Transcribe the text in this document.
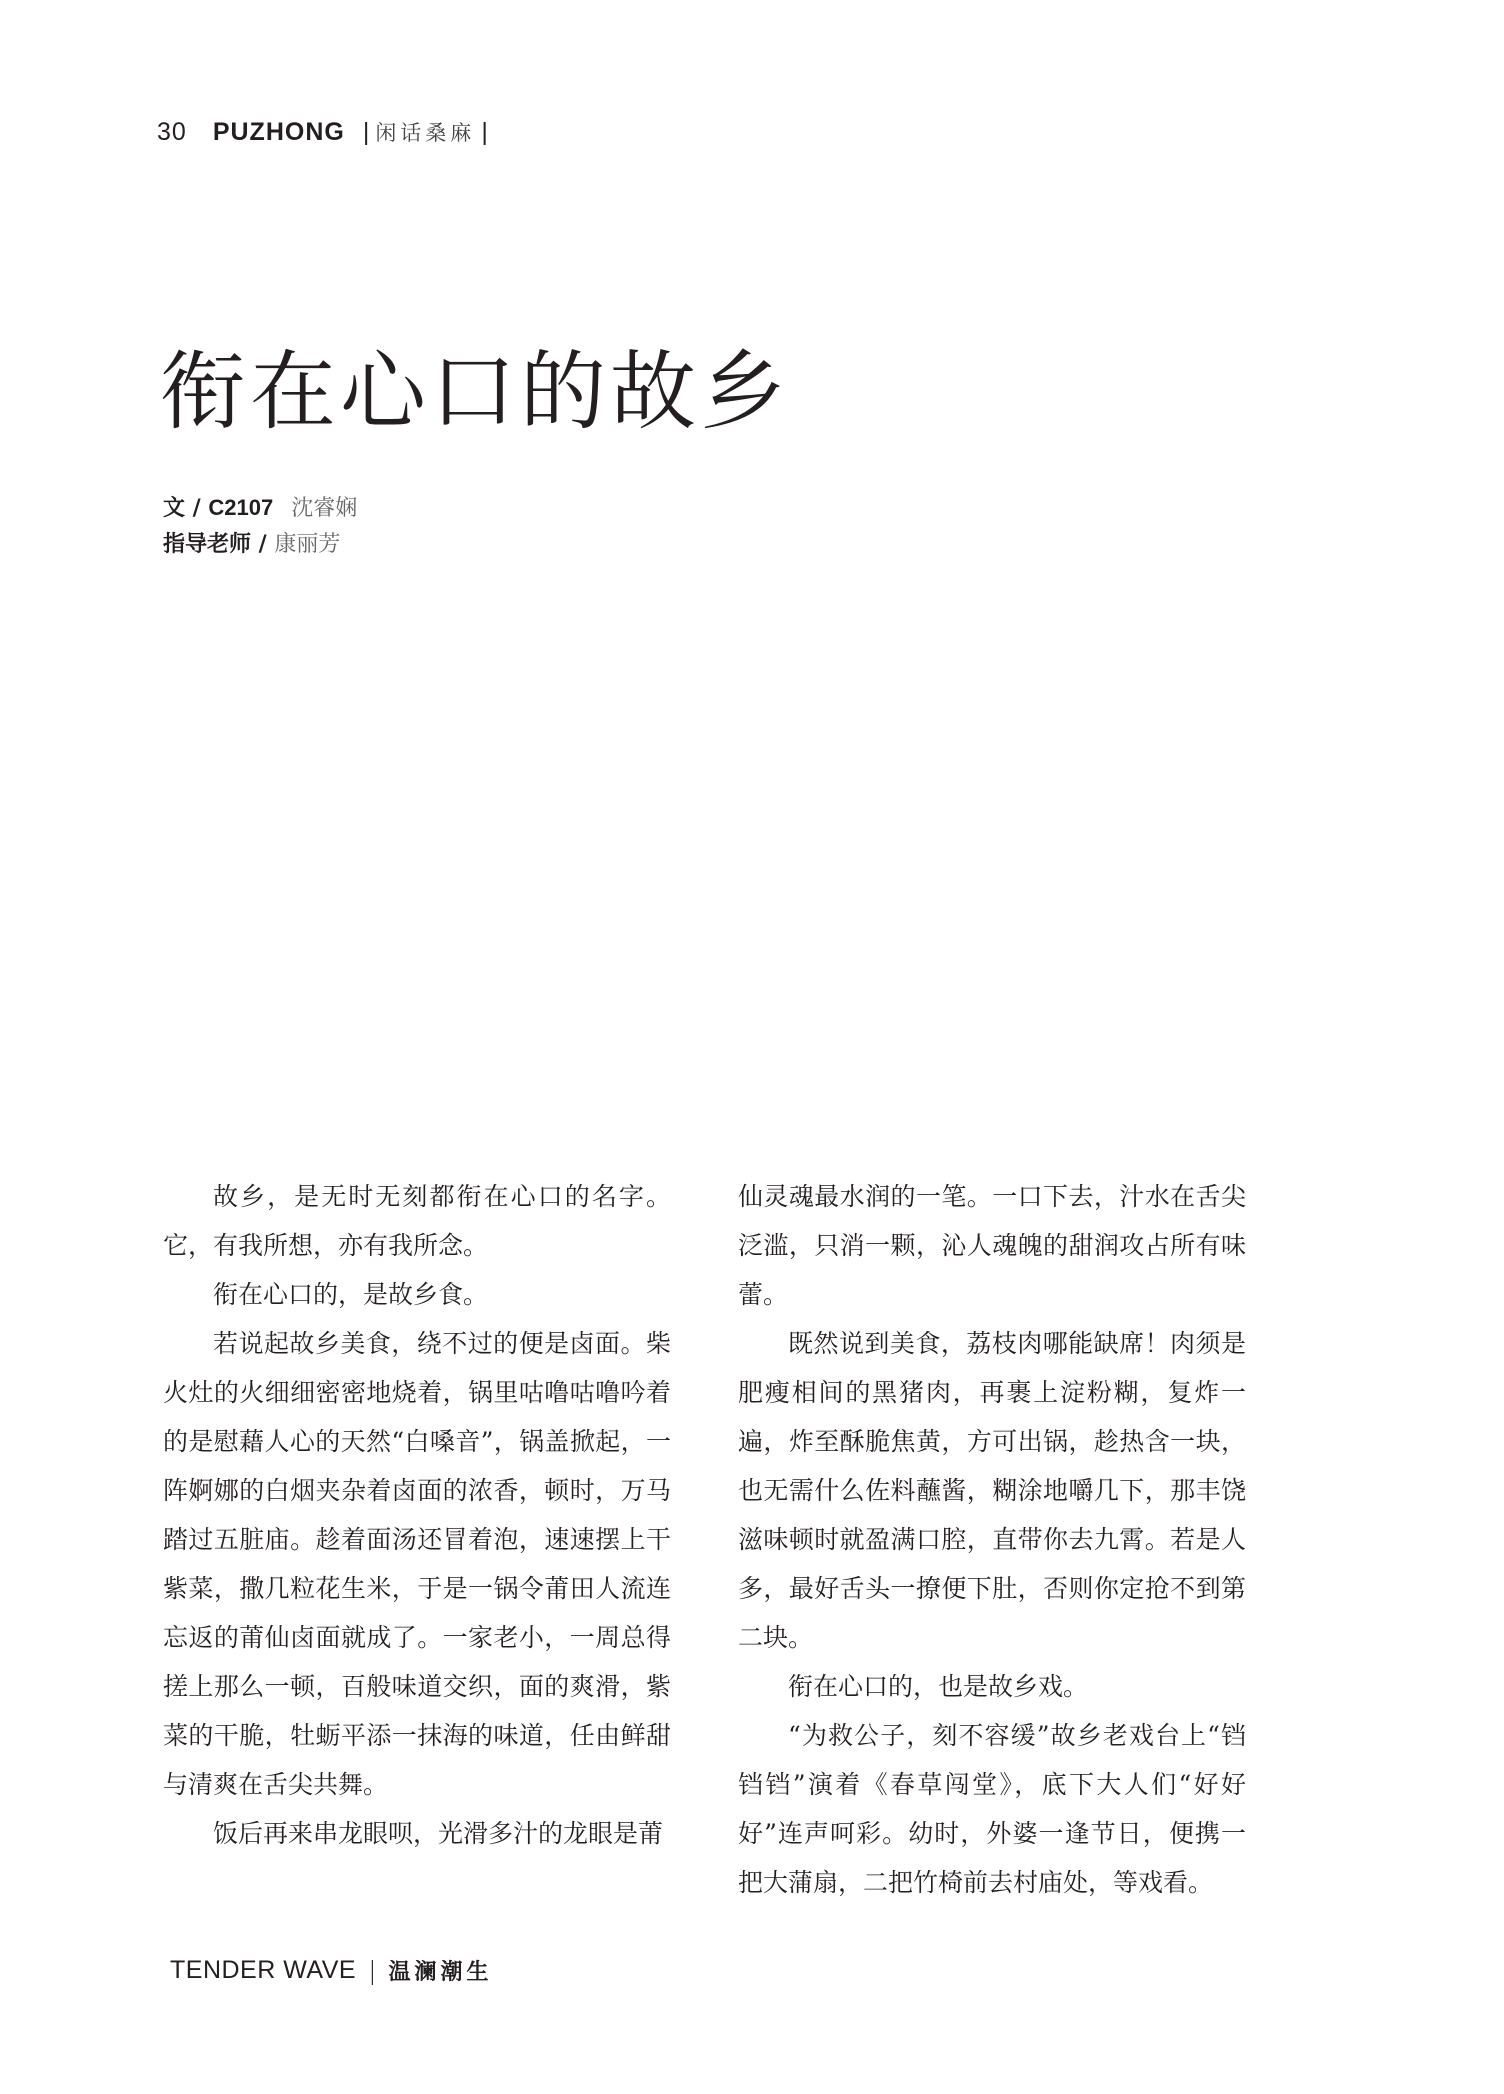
30 PUZHONG | 闲话桑麻 |
衔在心口的故乡
文 / C2107 沈睿娴
指导老师 / 康丽芳

故乡，是无时无刻都衔在心口的名字。它，有我所想，亦有我所念。

衔在心口的，是故乡食。

若说起故乡美食，绕不过的便是卤面。柴火灶的火细细密密地烧着，锅里咕噜咕噜吟着的是慰藉人心的天然“白嗓音”，锅盖掀起，一阵婀娜的白烟夹杂着卤面的浓香，顿时，万马踏过五脏庙。趁着面汤还冒着泡，速速摆上干紫菜，撒几粒花生米，于是一锅令莆田人流连忘返的莆仙卤面就成了。一家老小，一周总得搓上那么一顿，百般味道交织，面的爽滑，紫菜的干脆，牡蛎平添一抹海的味道，任由鲜甜与清爽在舌尖共舞。

饭后再来串龙眼呗，光滑多汁的龙眼是莆

仙灵魂最水润的一笔。一口下去，汁水在舌尖泛滥，只消一颗，沁人魂魄的甜润攻占所有味蕾。

既然说到美食，荔枝肉哪能缺席！肉须是肥瘦相间的黑猪肉，再裹上淀粉糊，复炸一遍，炸至酥脆焦黄，方可出锅，趁热含一块，也无需什么佐料蘸酱，糊涂地嚼几下，那丰饶滋味顿时就盈满口腔，直带你去九霄。若是人多，最好舌头一撩便下肚，否则你定抢不到第二块。

衔在心口的，也是故乡戏。

“为救公子，刻不容缓”故乡老戏台上“铛铛铛”演着《春草闯堂》，底下大人们“好好好”连声呵彩。幼时，外婆一逢节日，便携一把大蒲扇，二把竹椅前去村庙处，等戏看。

TENDER WAVE | 温澜潮生
